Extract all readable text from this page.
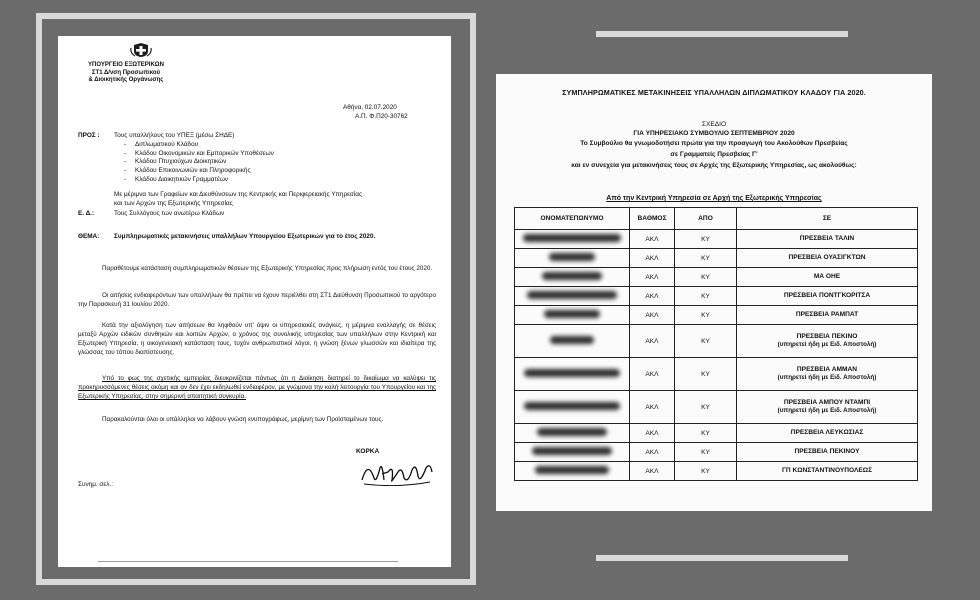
ΥΠΟΥΡΓΕΙΟ ΕΞΩΤΕΡΙΚΩΝ
ΣΤ1 Δ/νση Προσωπικού
& Διοικητικής Οργάνωσης
Αθήνα, 02.07.2020
Α.Π. Φ.Π20-30762
ΠΡΟΣ : Τους υπαλλήλους του ΥΠΕΞ (μέσω ΣΗΔΕ)
-     Διπλωματικού Κλάδου
-     Κλάδου Οικονομικών και Εμπορικών Υποθέσεων
-     Κλάδου Πτυχιούχων Διοικητικών
-     Κλάδου Επικοινωνιών και Πληροφορικής
-     Κλάδου Διοικητικών Γραμματέων
Με μέριμνα των Γραφείων και Διευθύνσεων της Κεντρικής και Περιφερειακής Υπηρεσίας
και των Αρχών της Εξωτερικής Υπηρεσίας
Ε. Δ.:	Τους Συλλόγους των ανωτέρω Κλάδων
ΘΕΜΑ: Συμπληρωματικές μετακινήσεις υπαλλήλων Υπουργείου Εξωτερικών για το έτος 2020.
Παραθέτουμε κατάσταση συμπληρωματικών θέσεων της Εξωτερικής Υπηρεσίας προς πλήρωση εντός του έτους 2020.
Οι αιτήσεις ενδιαφερόντων των υπαλλήλων θα πρέπει να έχουν περιέλθει στη ΣΤ1 Διεύθυνση Προσωπικού το αργότερο την Παρασκευή 31 Ιουλίου 2020.
Κατά την αξιολόγηση των αιτήσεων θα ληφθούν υπ' όψιν οι υπηρεσιακές ανάγκες, η μέριμνα εναλλαγής σε θέσεις μεταξύ Αρχών ειδικών συνθηκών και λοιπών Αρχών, ο χρόνος της συνολικής υπηρεσίας των υπαλλήλων στην Κεντρική και Εξωτερική Υπηρεσία, η οικογενειακή κατάσταση τους, τυχόν ανθρωπιστικοί λόγοι, η γνώση ξένων γλωσσών και ιδιαίτερα της γλώσσας του τόπου διαπίστευσης.
Υπό το φως της σχετικής εμπειρίας διευκρινίζεται πάντως ότι η Διοίκηση διατηρεί το δικαίωμα να καλύψει τις προκηρυσσόμενες θέσεις ακόμη και αν δεν έχει εκδηλωθεί ενδιαφέρον, με γνώμονα την καλή λειτουργία του Υπουργείου και της Εξωτερικής Υπηρεσίας, στην σημερινή απαιτητική συγκυρία.
Παρακαλούνται όλοι οι υπάλληλοι να λάβουν γνώση ενυπογράφως, μερίμνη των Προϊσταμένων τους.
ΚΟΡΚΑ
Συνημ. σελ.:
ΣΥΜΠΛΗΡΩΜΑΤΙΚΕΣ ΜΕΤΑΚΙΝΗΣΕΙΣ ΥΠΑΛΛΗΛΩΝ ΔΙΠΛΩΜΑΤΙΚΟΥ ΚΛΑΔΟΥ ΓΙΑ 2020.
ΣΧΕΔΙΟ
ΓΙΑ ΥΠΗΡΕΣΙΑΚΟ ΣΥΜΒΟΥΛΙΟ ΣΕΠΤΕΜΒΡΙΟΥ 2020
Το Συμβούλιο θα γνωμοδοτήσει πρώτα για την προαγωγή του Ακολούθων Πρεσβείας
σε Γραμματείς Πρεσβείας Γ'
και εν συνεχεία για μετακινήσεις τους σε Αρχές της Εξωτερικής Υπηρεσίας, ως ακολούθως:
Από την Κεντρική Υπηρεσία σε Αρχή της Εξωτερικής Υπηρεσίας
ΟΝΟΜΑΤΕΠΩΝΥΜΟ	ΒΑΘΜΟΣ	ΑΠΟ	ΣΕ
	ΑΚΛ	ΚΥ	ΠΡΕΣΒΕΙΑ ΤΑΛΙΝ
	ΑΚΛ	ΚΥ	ΠΡΕΣΒΕΙΑ ΟΥΑΣΙΓΚΤΩΝ
	ΑΚΛ	ΚΥ	ΜΑ ΟΗΕ
	ΑΚΛ	ΚΥ	ΠΡΕΣΒΕΙΑ ΠΟΝΤΓΚΟΡΙΤΣΑ
	ΑΚΛ	ΚΥ	ΠΡΕΣΒΕΙΑ ΡΑΜΠΑΤ
	ΑΚΛ	ΚΥ	ΠΡΕΣΒΕΙΑ ΠΕΚΙΝΟ
(υπηρετεί ήδη με Ειδ. Αποστολή)

	ΑΚΛ	ΚΥ	ΠΡΕΣΒΕΙΑ ΑΜΜΑΝ
(υπηρετεί ήδη με Ειδ. Αποστολή)

	ΑΚΛ	ΚΥ	ΠΡΕΣΒΕΙΑ ΑΜΠΟΥ ΝΤΑΜΠΙ
(υπηρετεί ήδη με Ειδ. Αποστολή)

	ΑΚΛ	ΚΥ	ΠΡΕΣΒΕΙΑ ΛΕΥΚΩΣΙΑΣ
	ΑΚΛ	ΚΥ	ΠΡΕΣΒΕΙΑ ΠΕΚΙΝΟΥ
	ΑΚΛ	ΚΥ	ΓΠ ΚΩΝΣΤΑΝΤΙΝΟΥΠΟΛΕΩΣ
